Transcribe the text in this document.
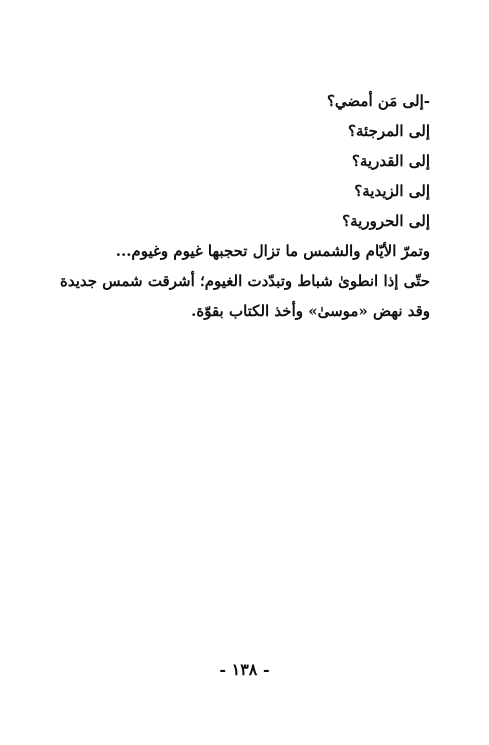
-إلى مَن أمضي؟
إلى المرجئة؟
إلى القدرية؟
إلى الزيدية؟
إلى الحرورية؟
وتمرّ الأيّام والشمس ما تزال تحجبها غيوم وغيوم...
حتّى إذا انطوىٰ شباط وتبدّدت الغيوم؛ أشرقت شمس جديدة
وقد نهض «موسىٰ» وأخذ الكتاب بقوّة.
- ١٣٨ -
